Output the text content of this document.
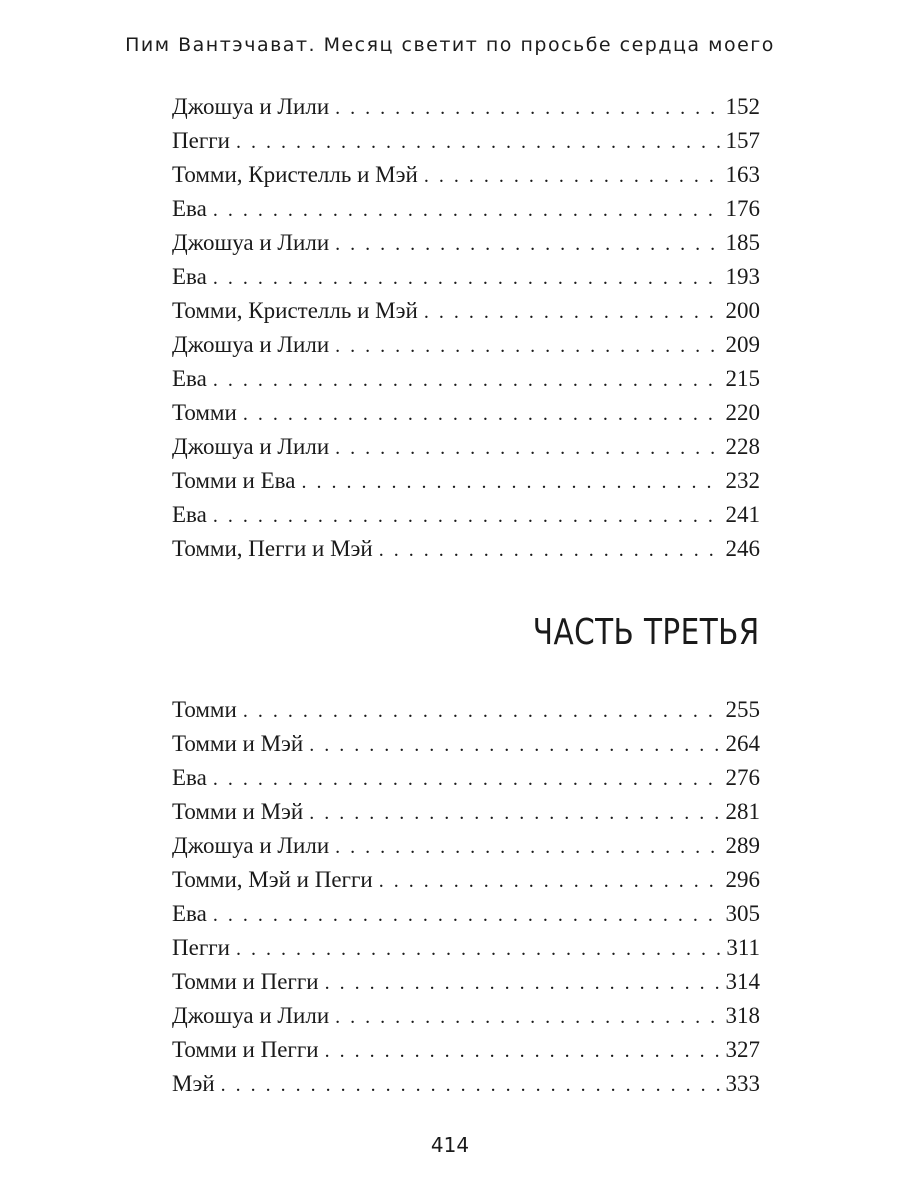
Пим Вантэчават. Месяц светит по просьбе сердца моего
Джошуа и Лили . . .	152
Пегги . . .	157
Томми, Кристелль и Мэй . . .	163
Ева . . .	176
Джошуа и Лили . . .	185
Ева . . .	193
Томми, Кристелль и Мэй . . .	200
Джошуа и Лили . . .	209
Ева . . .	215
Томми . . .	220
Джошуа и Лили . . .	228
Томми и Ева . . .	232
Ева . . .	241
Томми, Пегги и Мэй . . .	246
ЧАСТЬ ТРЕТЬЯ
Томми . . .	255
Томми и Мэй . . .	264
Ева . . .	276
Томми и Мэй . . .	281
Джошуа и Лили . . .	289
Томми, Мэй и Пегги . . .	296
Ева . . .	305
Пегги . . .	311
Томми и Пегги . . .	314
Джошуа и Лили . . .	318
Томми и Пегги . . .	327
Мэй . . .	333
414
